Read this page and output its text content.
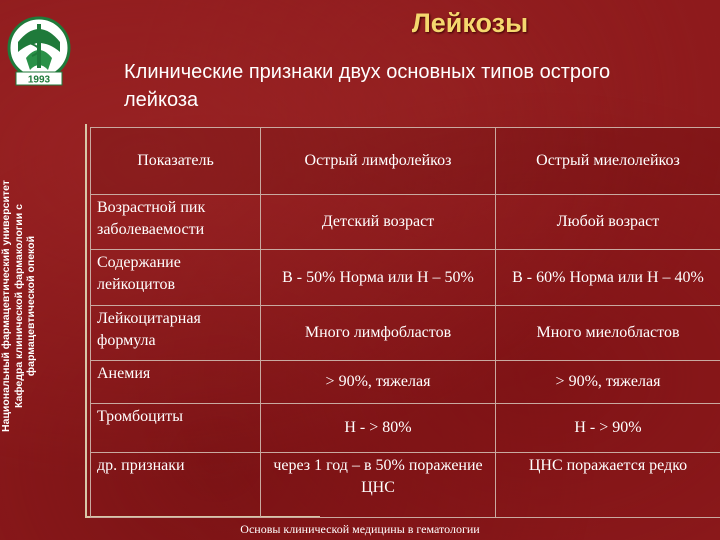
1993
Лейкозы
Национальный фармацевтический университет Кафедра клинической фармакологии с фармацевтической опекой
Клинические признаки двух основных типов острого лейкоза
Показатель	Острый лимфолейкоз	Острый миелолейкоз
Возрастной пик заболеваемости	Детский возраст	Любой возраст
Содержание лейкоцитов	В - 50% Норма или Н – 50%	В - 60% Норма или Н – 40%
Лейкоцитарная формула	Много лимфобластов	Много миелобластов
Анемия	> 90%, тяжелая	> 90%, тяжелая
Тромбоциты	Н - > 80%	Н - > 90%
др. признаки	через 1 год – в 50% поражение ЦНС	ЦНС поражается редко
Основы клинической медицины в гематологии
